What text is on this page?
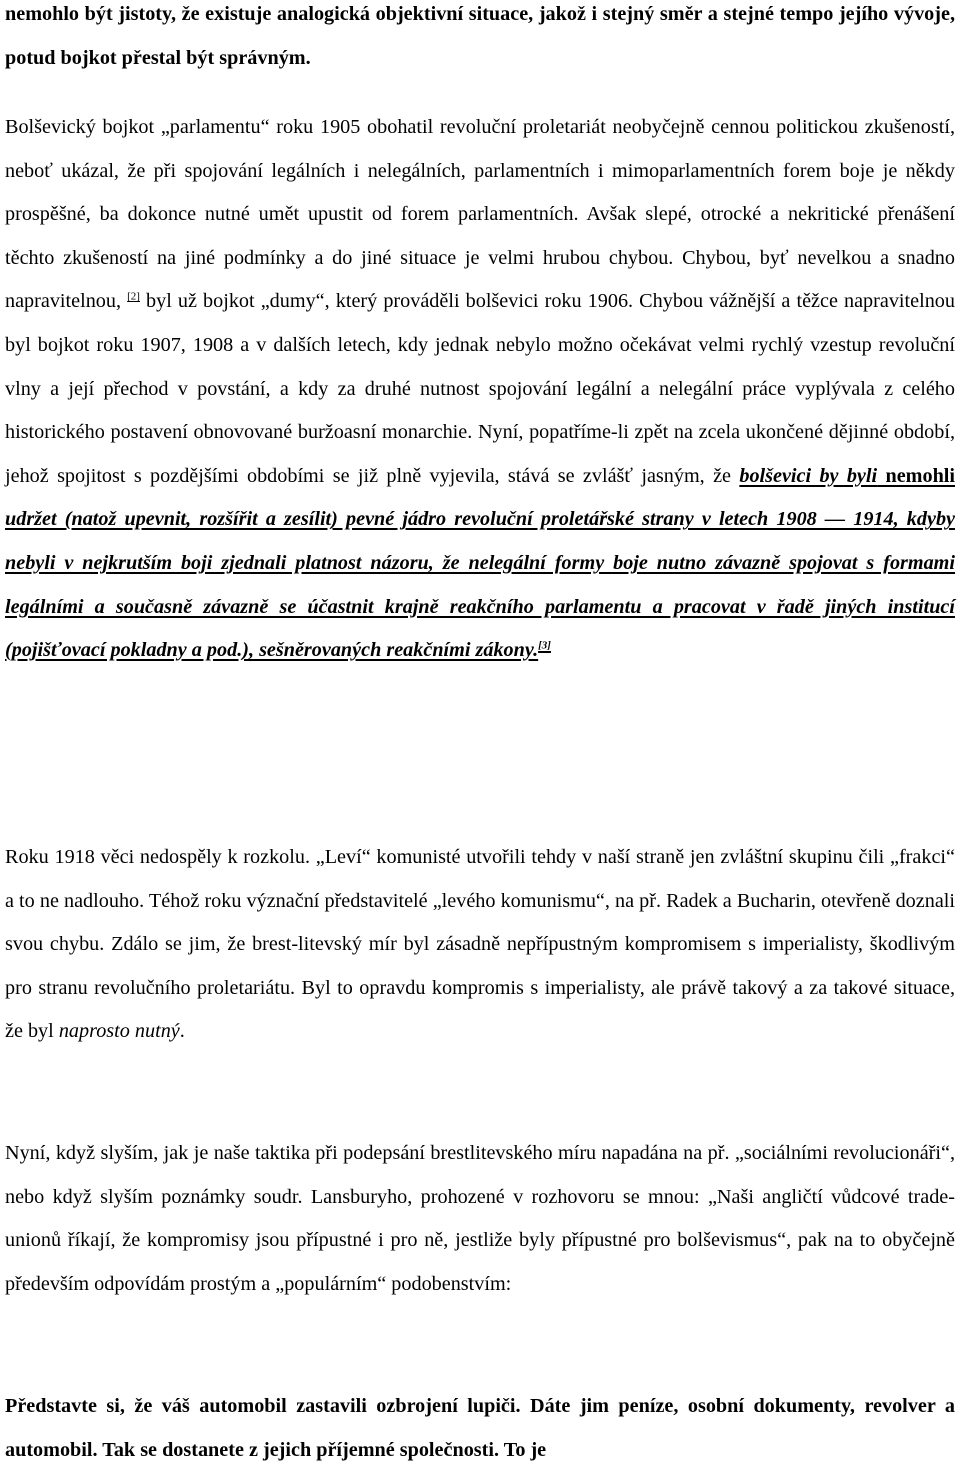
nemohlo být jistoty, že existuje analogická objektivní situace, jakož i stejný směr a stejné tempo jejího vývoje, potud bojkot přestal být správným.

Bolševický bojkot „parlamentu“ roku 1905 obohatil revoluční proletariát neobyčejně cennou politickou zkušeností, neboť ukázal, že při spojování legálních i nelegálních, parlamentních i mimoparlamentních forem boje je někdy prospěšné, ba dokonce nutné umět upustit od forem parlamentních. Avšak slepé, otrocké a nekritické přenášení těchto zkušeností na jiné podmínky a do jiné situace je velmi hrubou chybou. Chybou, byť nevelkou a snadno napravitelnou, [2] byl už bojkot „dumy“, který prováděli bolševici roku 1906. Chybou vážnější a těžce napravitelnou byl bojkot roku 1907, 1908 a v dalších letech, kdy jednak nebylo možno očekávat velmi rychlý vzestup revoluční vlny a její přechod v povstání, a kdy za druhé nutnost spojování legální a nelegální práce vyplývala z celého historického postavení obnovované buržoasní monarchie. Nyní, popatříme-li zpět na zcela ukončené dějinné období, jehož spojitost s pozdějšími obdobími se již plně vyjevila, stává se zvlášť jasným, že bolševici by byli nemohli udržet (natož upevnit, rozšířit a zesílit) pevné jádro revoluční proletářské strany v letech 1908 — 1914, kdyby nebyli v nejkrutším boji zjednali platnost názoru, že nelegální formy boje nutno závazně spojovat s formami legálními a současně závazně se účastnit krajně reakčního parlamentu a pracovat v řadě jiných institucí (pojišťovací pokladny a pod.), sešněrovaných reakčními zákony.[3]

Roku 1918 věci nedospěly k rozkolu. „Leví“ komunisté utvořili tehdy v naší straně jen zvláštní skupinu čili „frakci“ a to ne nadlouho. Téhož roku význační představitelé „levého komunismu“, na př. Radek a Bucharin, otevřeně doznali svou chybu. Zdálo se jim, že brest-litevský mír byl zásadně nepřípustným kompromisem s imperialisty, škodlivým pro stranu revolučního proletariátu. Byl to opravdu kompromis s imperialisty, ale právě takový a za takové situace, že byl naprosto nutný.

Nyní, když slyším, jak je naše taktika při podepsání brestlitevského míru napadána na př. „sociálními revolucionáři“, nebo když slyším poznámky soudr. Lansburyho, prohozené v rozhovoru se mnou: „Naši angličtí vůdcové trade-unionů říkají, že kompromisy jsou přípustné i pro ně, jestliže byly přípustné pro bolševismus“, pak na to obyčejně především odpovídám prostým a „populárním“ podobenstvím:

Představte si, že váš automobil zastavili ozbrojení lupiči. Dáte jim peníze, osobní dokumenty, revolver a automobil. Tak se dostanete z jejich příjemné společnosti. To je
